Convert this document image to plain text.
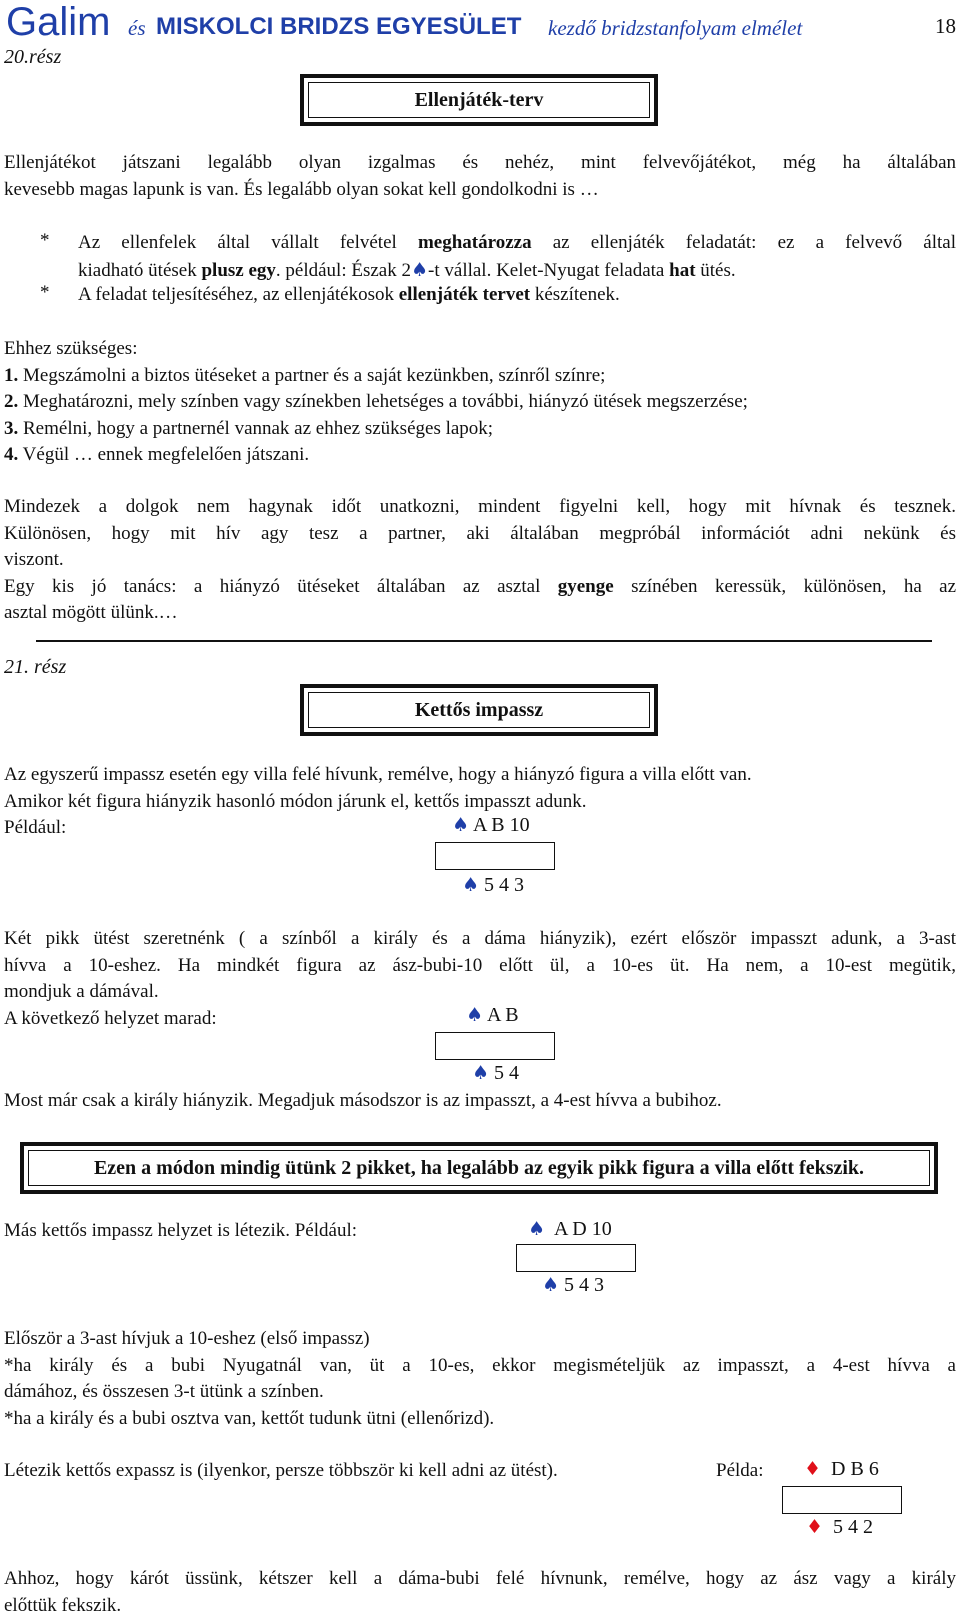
Galim és MISKOLCI BRIDZS EGYESÜLET kezdő bridzstanfolyam elmélet	18
20.rész
Ellenjáték-terv
Ellenjátékot játszani legalább olyan izgalmas és nehéz, mint felvevőjátékot, még ha általában
kevesebb magas lapunk is van. És legalább olyan sokat kell gondolkodni is …
*	Az ellenfelek által vállalt felvétel meghatározza az ellenjáték feladatát: ez a felvevő által
kiadható ütések plusz egy. például: Észak 2♠-t vállal. Kelet-Nyugat feladata hat ütés.
*	A feladat teljesítéséhez, az ellenjátékosok ellenjáték tervet készítenek.
Ehhez szükséges:
1. Megszámolni a biztos ütéseket a partner és a saját kezünkben, színről színre;
2. Meghatározni, mely színben vagy színekben lehetséges a további, hiányzó ütések megszerzése;
3. Remélni, hogy a partnernél vannak az ehhez szükséges lapok;
4. Végül … ennek megfelelően játszani.
Mindezek a dolgok nem hagynak időt unatkozni, mindent figyelni kell, hogy mit hívnak és tesznek.
Különösen, hogy mit hív agy tesz a partner, aki általában megpróbál információt adni nekünk és
viszont.
Egy kis jó tanács: a hiányzó ütéseket általában az asztal gyenge színében keressük, különösen, ha az
asztal mögött ülünk.…
21. rész
Kettős impassz
Az egyszerű impassz esetén egy villa felé hívunk, remélve, hogy a hiányzó figura a villa előtt van.
Amikor két figura hiányzik hasonló módon járunk el, kettős impasszt adunk.
Például:	♠ A B 10
♠ 5 4 3
Két pikk ütést szeretnénk ( a színből a király és a dáma hiányzik), ezért először impasszt adunk, a 3-ast
hívva a 10-eshez. Ha mindkét figura az ász-bubi-10 előtt ül, a 10-es üt. Ha nem, a 10-est megütik,
mondjuk a dámával.
A következő helyzet marad:	♠ A B
♠ 5 4
Most már csak a király hiányzik. Megadjuk másodszor is az impasszt, a 4-est hívva a bubihoz.
Ezen a módon mindig ütünk 2 pikket, ha legalább az egyik pikk figura a villa előtt fekszik.
Más kettős impassz helyzet is létezik. Például:	♠ A D 10
♠ 5 4 3
Először a 3-ast hívjuk a 10-eshez (első impassz)
*ha király és a bubi Nyugatnál van, üt a 10-es, ekkor megismételjük az impasszt, a 4-est hívva a
dámához, és összesen 3-t ütünk a színben.
*ha a király és a bubi osztva van, kettőt tudunk ütni (ellenőrizd).
Létezik kettős expassz is (ilyenkor, persze többször ki kell adni az ütést).	Példa: ♦ D B 6
♦ 5 4 2
Ahhoz, hogy kárót üssünk, kétszer kell a dáma-bubi felé hívnunk, remélve, hogy az ász vagy a király
előttük fekszik.
